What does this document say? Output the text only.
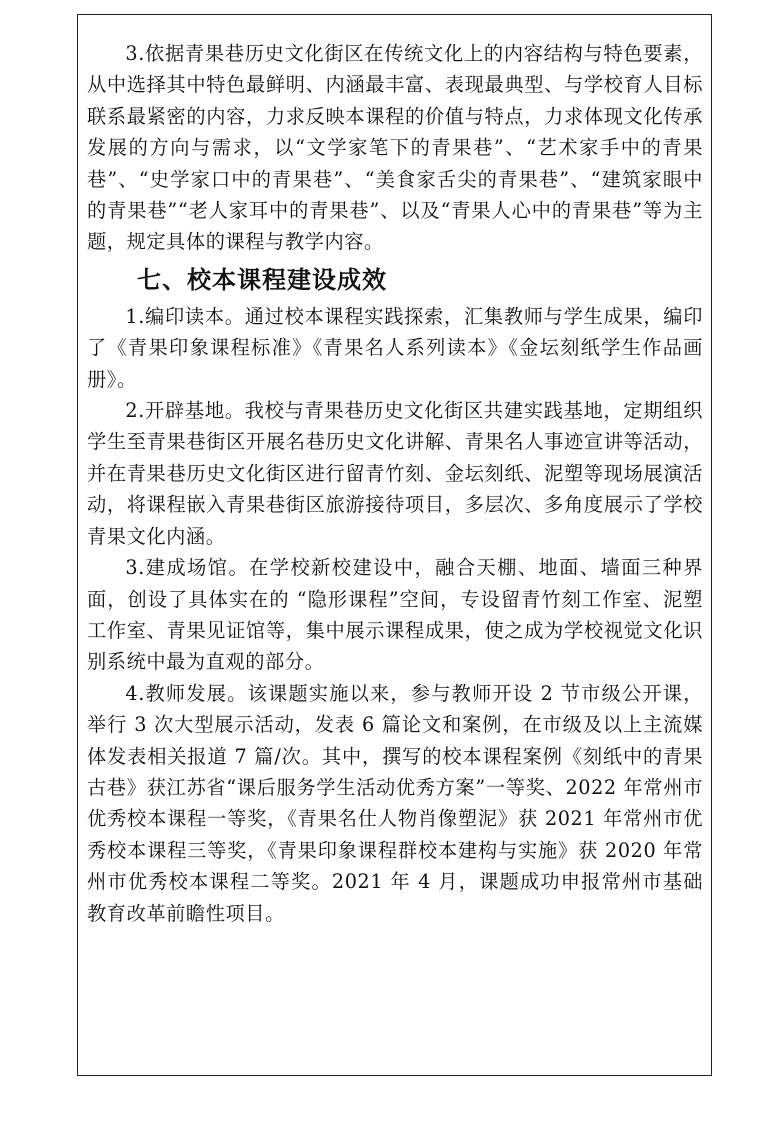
3.依据青果巷历史文化街区在传统文化上的内容结构与特色要素，从中选择其中特色最鲜明、内涵最丰富、表现最典型、与学校育人目标联系最紧密的内容，力求反映本课程的价值与特点，力求体现文化传承发展的方向与需求，以“文学家笔下的青果巷”、“艺术家手中的青果巷”、“史学家口中的青果巷”、“美食家舌尖的青果巷”、“建筑家眼中的青果巷”“老人家耳中的青果巷”、以及“青果人心中的青果巷”等为主题，规定具体的课程与教学内容。

七、校本课程建设成效

1.编印读本。通过校本课程实践探索，汇集教师与学生成果，编印了《青果印象课程标准》《青果名人系列读本》《金坛刻纸学生作品画册》。

2.开辟基地。我校与青果巷历史文化街区共建实践基地，定期组织学生至青果巷街区开展名巷历史文化讲解、青果名人事迹宣讲等活动，并在青果巷历史文化街区进行留青竹刻、金坛刻纸、泥塑等现场展演活动，将课程嵌入青果巷街区旅游接待项目，多层次、多角度展示了学校青果文化内涵。

3.建成场馆。在学校新校建设中，融合天棚、地面、墙面三种界面，创设了具体实在的 “隐形课程”空间，专设留青竹刻工作室、泥塑工作室、青果见证馆等，集中展示课程成果，使之成为学校视觉文化识别系统中最为直观的部分。

4.教师发展。该课题实施以来，参与教师开设 2 节市级公开课，举行 3 次大型展示活动，发表 6 篇论文和案例，在市级及以上主流媒体发表相关报道 7 篇/次。其中，撰写的校本课程案例《刻纸中的青果古巷》获江苏省“课后服务学生活动优秀方案”一等奖、2022 年常州市优秀校本课程一等奖，《青果名仕人物肖像塑泥》获 2021 年常州市优秀校本课程三等奖，《青果印象课程群校本建构与实施》获 2020 年常州市优秀校本课程二等奖。2021 年 4 月，课题成功申报常州市基础教育改革前瞻性项目。
